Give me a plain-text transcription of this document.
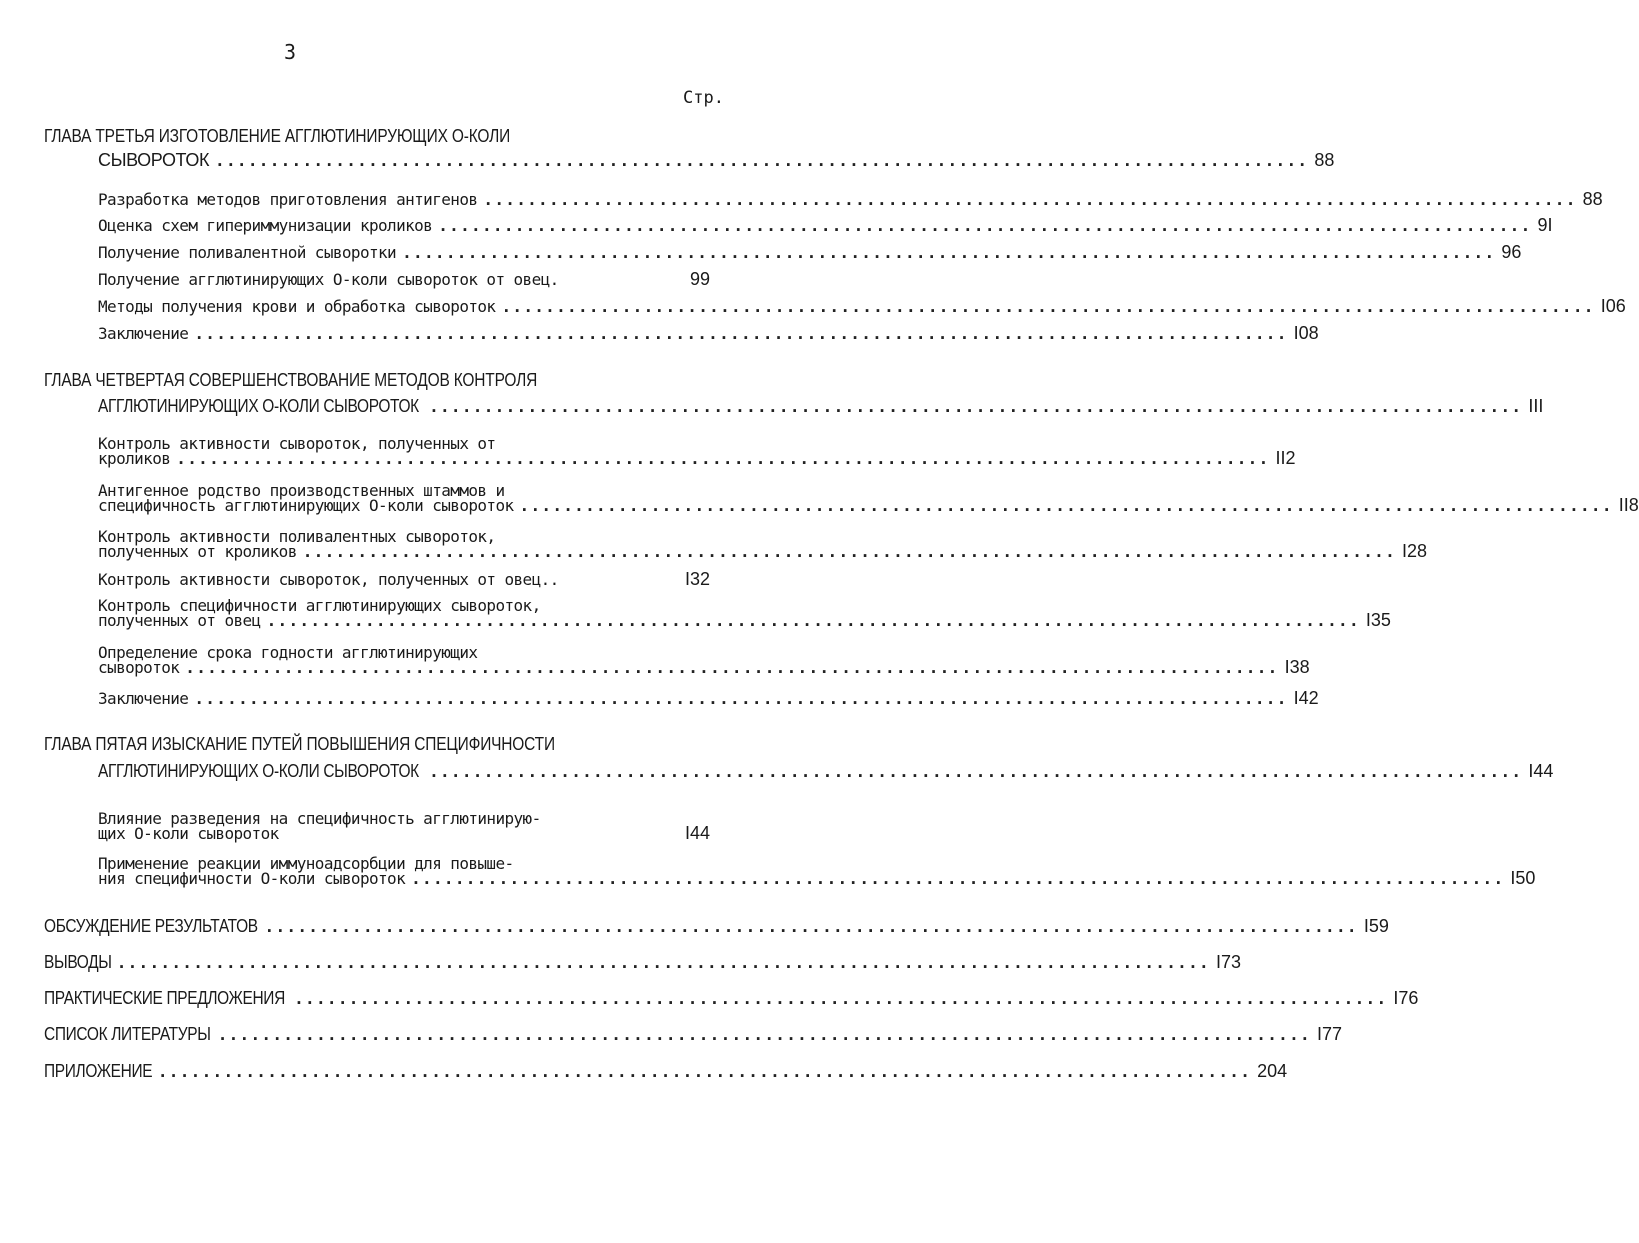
3
Стр.
ГЛАВА ТРЕТЬЯ ИЗГОТОВЛЕНИЕ АГГЛЮТИНИРУЮЩИХ О-КОЛИ
СЫВОРОТОК .................................................................................................... 88
Разработка методов приготовления антигенов .................................................................................................... 88
Оценка схем гипериммунизации кроликов .................................................................................................... 9I
Получение поливалентной сыворотки .................................................................................................... 96
Получение агглютинирующих О-коли сывороток от овец.	99
Методы получения крови и обработка сывороток .................................................................................................... I06
Заключение .................................................................................................... I08
ГЛАВА ЧЕТВЕРТАЯ СОВЕРШЕНСТВОВАНИЕ МЕТОДОВ КОНТРОЛЯ
АГГЛЮТИНИРУЮЩИХ О-КОЛИ СЫВОРОТОК .................................................................................................... III
Контроль активности сывороток, полученных от
кроликов .................................................................................................... II2
Антигенное родство производственных штаммов и
специфичность агглютинирующих О-коли сывороток .................................................................................................... II8
Контроль активности поливалентных сывороток,
полученных от кроликов .................................................................................................... I28
Контроль активности сывороток, полученных от овец..	I32
Контроль специфичности агглютинирующих сывороток,
полученных от овец .................................................................................................... I35
Определение срока годности агглютинирующих
сывороток .................................................................................................... I38
Заключение .................................................................................................... I42
ГЛАВА ПЯТАЯ ИЗЫСКАНИЕ ПУТЕЙ ПОВЫШЕНИЯ СПЕЦИФИЧНОСТИ
АГГЛЮТИНИРУЮЩИХ О-КОЛИ СЫВОРОТОК .................................................................................................... I44
Влияние разведения на специфичность агглютинирую-
щих О-коли сывороток	I44
Применение реакции иммуноадсорбции для повыше-
ния специфичности О-коли сывороток .................................................................................................... I50
ОБСУЖДЕНИЕ РЕЗУЛЬТАТОВ .................................................................................................... I59
ВЫВОДЫ .................................................................................................... I73
ПРАКТИЧЕСКИЕ ПРЕДЛОЖЕНИЯ .................................................................................................... I76
СПИСОК ЛИТЕРАТУРЫ .................................................................................................... I77
ПРИЛОЖЕНИЕ .................................................................................................... 204
